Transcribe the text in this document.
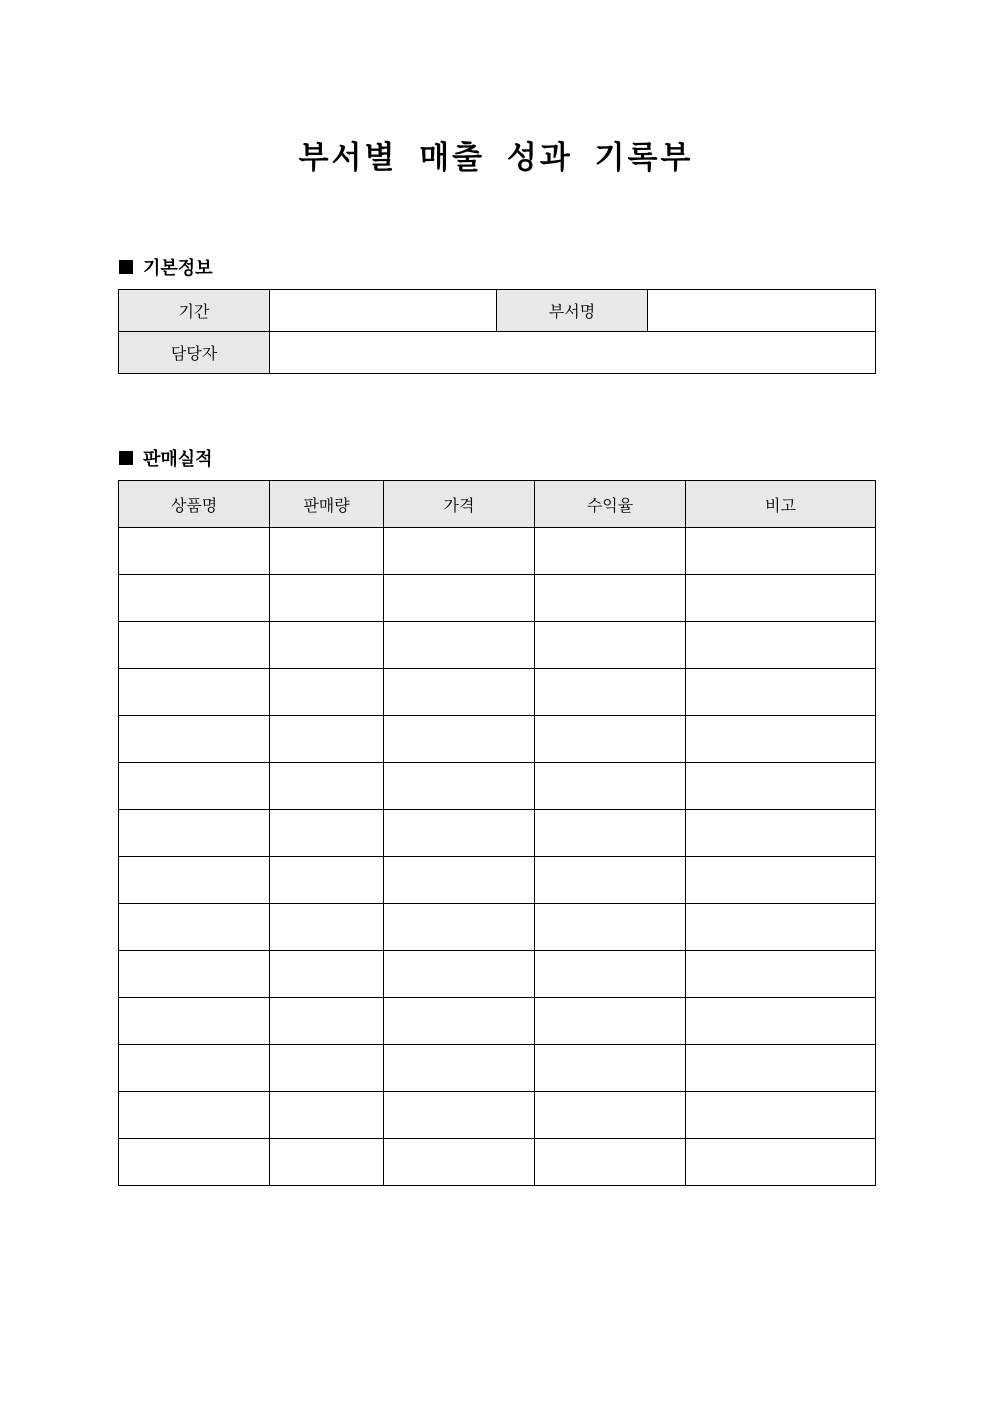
부서별 매출 성과 기록부
기본정보
기간		부서명	
담당자			
판매실적
상품명	판매량	가격	수익율	비고
